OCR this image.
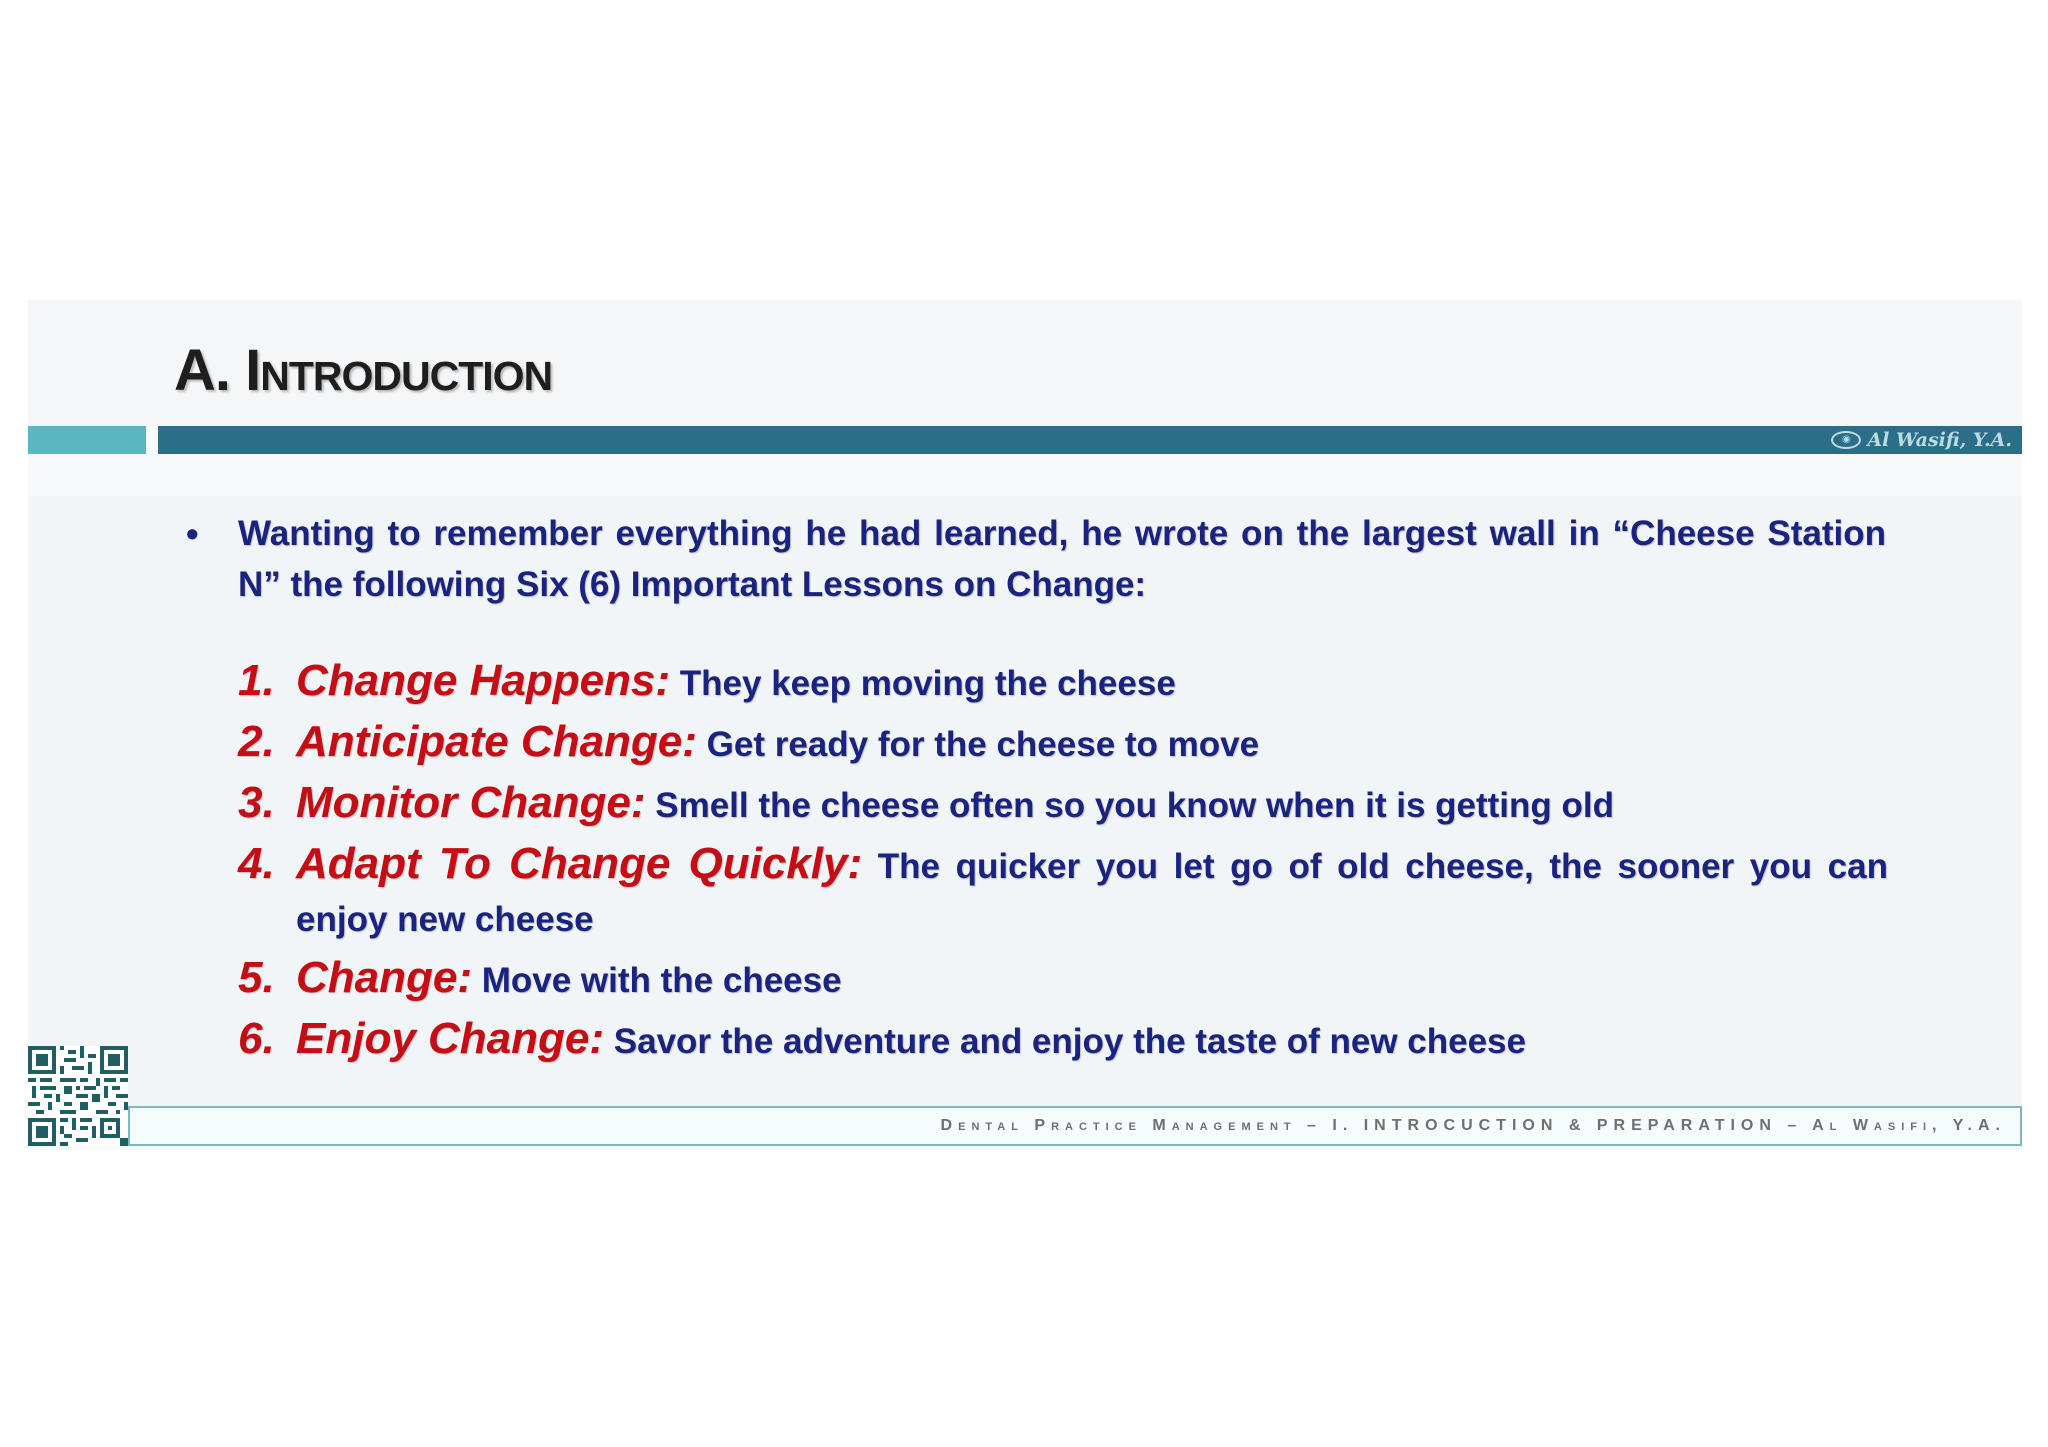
A. Introduction
◉ Al Wasifi, Y.A.
•	Wanting to remember everything he had learned, he wrote on the largest wall in “Cheese Station N” the following Six (6) Important Lessons on Change:

1. Change Happens: They keep moving the cheese
2. Anticipate Change: Get ready for the cheese to move
3. Monitor Change: Smell the cheese often so you know when it is getting old
4. Adapt To Change Quickly: The quicker you let go of old cheese, the sooner you can enjoy new cheese
5. Change: Move with the cheese
6. Enjoy Change: Savor the adventure and enjoy the taste of new cheese
Dental Practice Management – I. INTROCUCTION & PREPARATION – Al Wasifi, Y.A.
